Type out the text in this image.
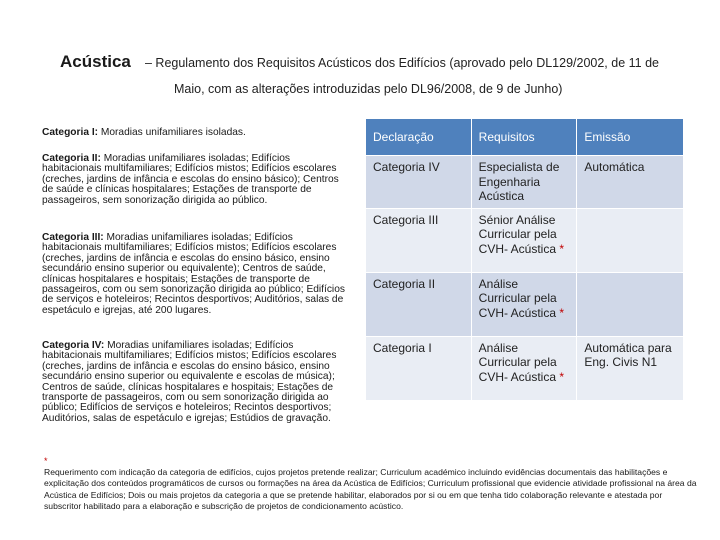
Acústica – Regulamento dos Requisitos Acústicos dos Edifícios (aprovado pelo DL129/2002, de 11 de
Maio, com as alterações introduzidas pelo DL96/2008, de 9 de Junho)
Categoria I: Moradias unifamiliares isoladas.
Categoria II: Moradias unifamiliares isoladas; Edifícios habitacionais multifamiliares; Edifícios mistos; Edifícios escolares (creches, jardins de infância e escolas do ensino básico); Centros de saúde e clínicas hospitalares; Estações de transporte de passageiros, sem sonorização dirigida ao público.
Categoria III: Moradias unifamiliares isoladas; Edifícios habitacionais multifamiliares; Edifícios mistos; Edifícios escolares (creches, jardins de infância e escolas do ensino básico, ensino secundário ensino superior ou equivalente); Centros de saúde, clínicas hospitalares e hospitais; Estações de transporte de passageiros, com ou sem sonorização dirigida ao público; Edifícios de serviços e hoteleiros; Recintos desportivos; Auditórios, salas de espetáculo e igrejas, até 200 lugares.
Categoria IV: Moradias unifamiliares isoladas; Edifícios habitacionais multifamiliares; Edifícios mistos; Edifícios escolares (creches, jardins de infância e escolas do ensino básico, ensino secundário ensino superior ou equivalente e escolas de música); Centros de saúde, clínicas hospitalares e hospitais; Estações de transporte de passageiros, com ou sem sonorização dirigida ao público; Edifícios de serviços e hoteleiros; Recintos desportivos; Auditórios, salas de espetáculo e igrejas; Estúdios de gravação.
Declaração	Requisitos	Emissão
Categoria IV	Especialista de Engenharia Acústica	Automática
Categoria III	Sénior Análise Curricular pela CVH- Acústica *	
Categoria II	Análise Curricular pela CVH- Acústica *	
Categoria I	Análise Curricular pela CVH- Acústica *	Automática para Eng. Civis N1
*
Requerimento com indicação da categoria de edifícios, cujos projetos pretende realizar; Curriculum académico incluindo evidências documentais das habilitações e explicitação dos conteúdos programáticos de cursos ou formações na área da Acústica de Edifícios; Curriculum profissional que evidencie atividade profissional na área da Acústica de Edifícios; Dois ou mais projetos da categoria a que se pretende habilitar, elaborados por si ou em que tenha tido colaboração relevante e atestada por subscritor habilitado para a elaboração e subscrição de projetos de condicionamento acústico.
